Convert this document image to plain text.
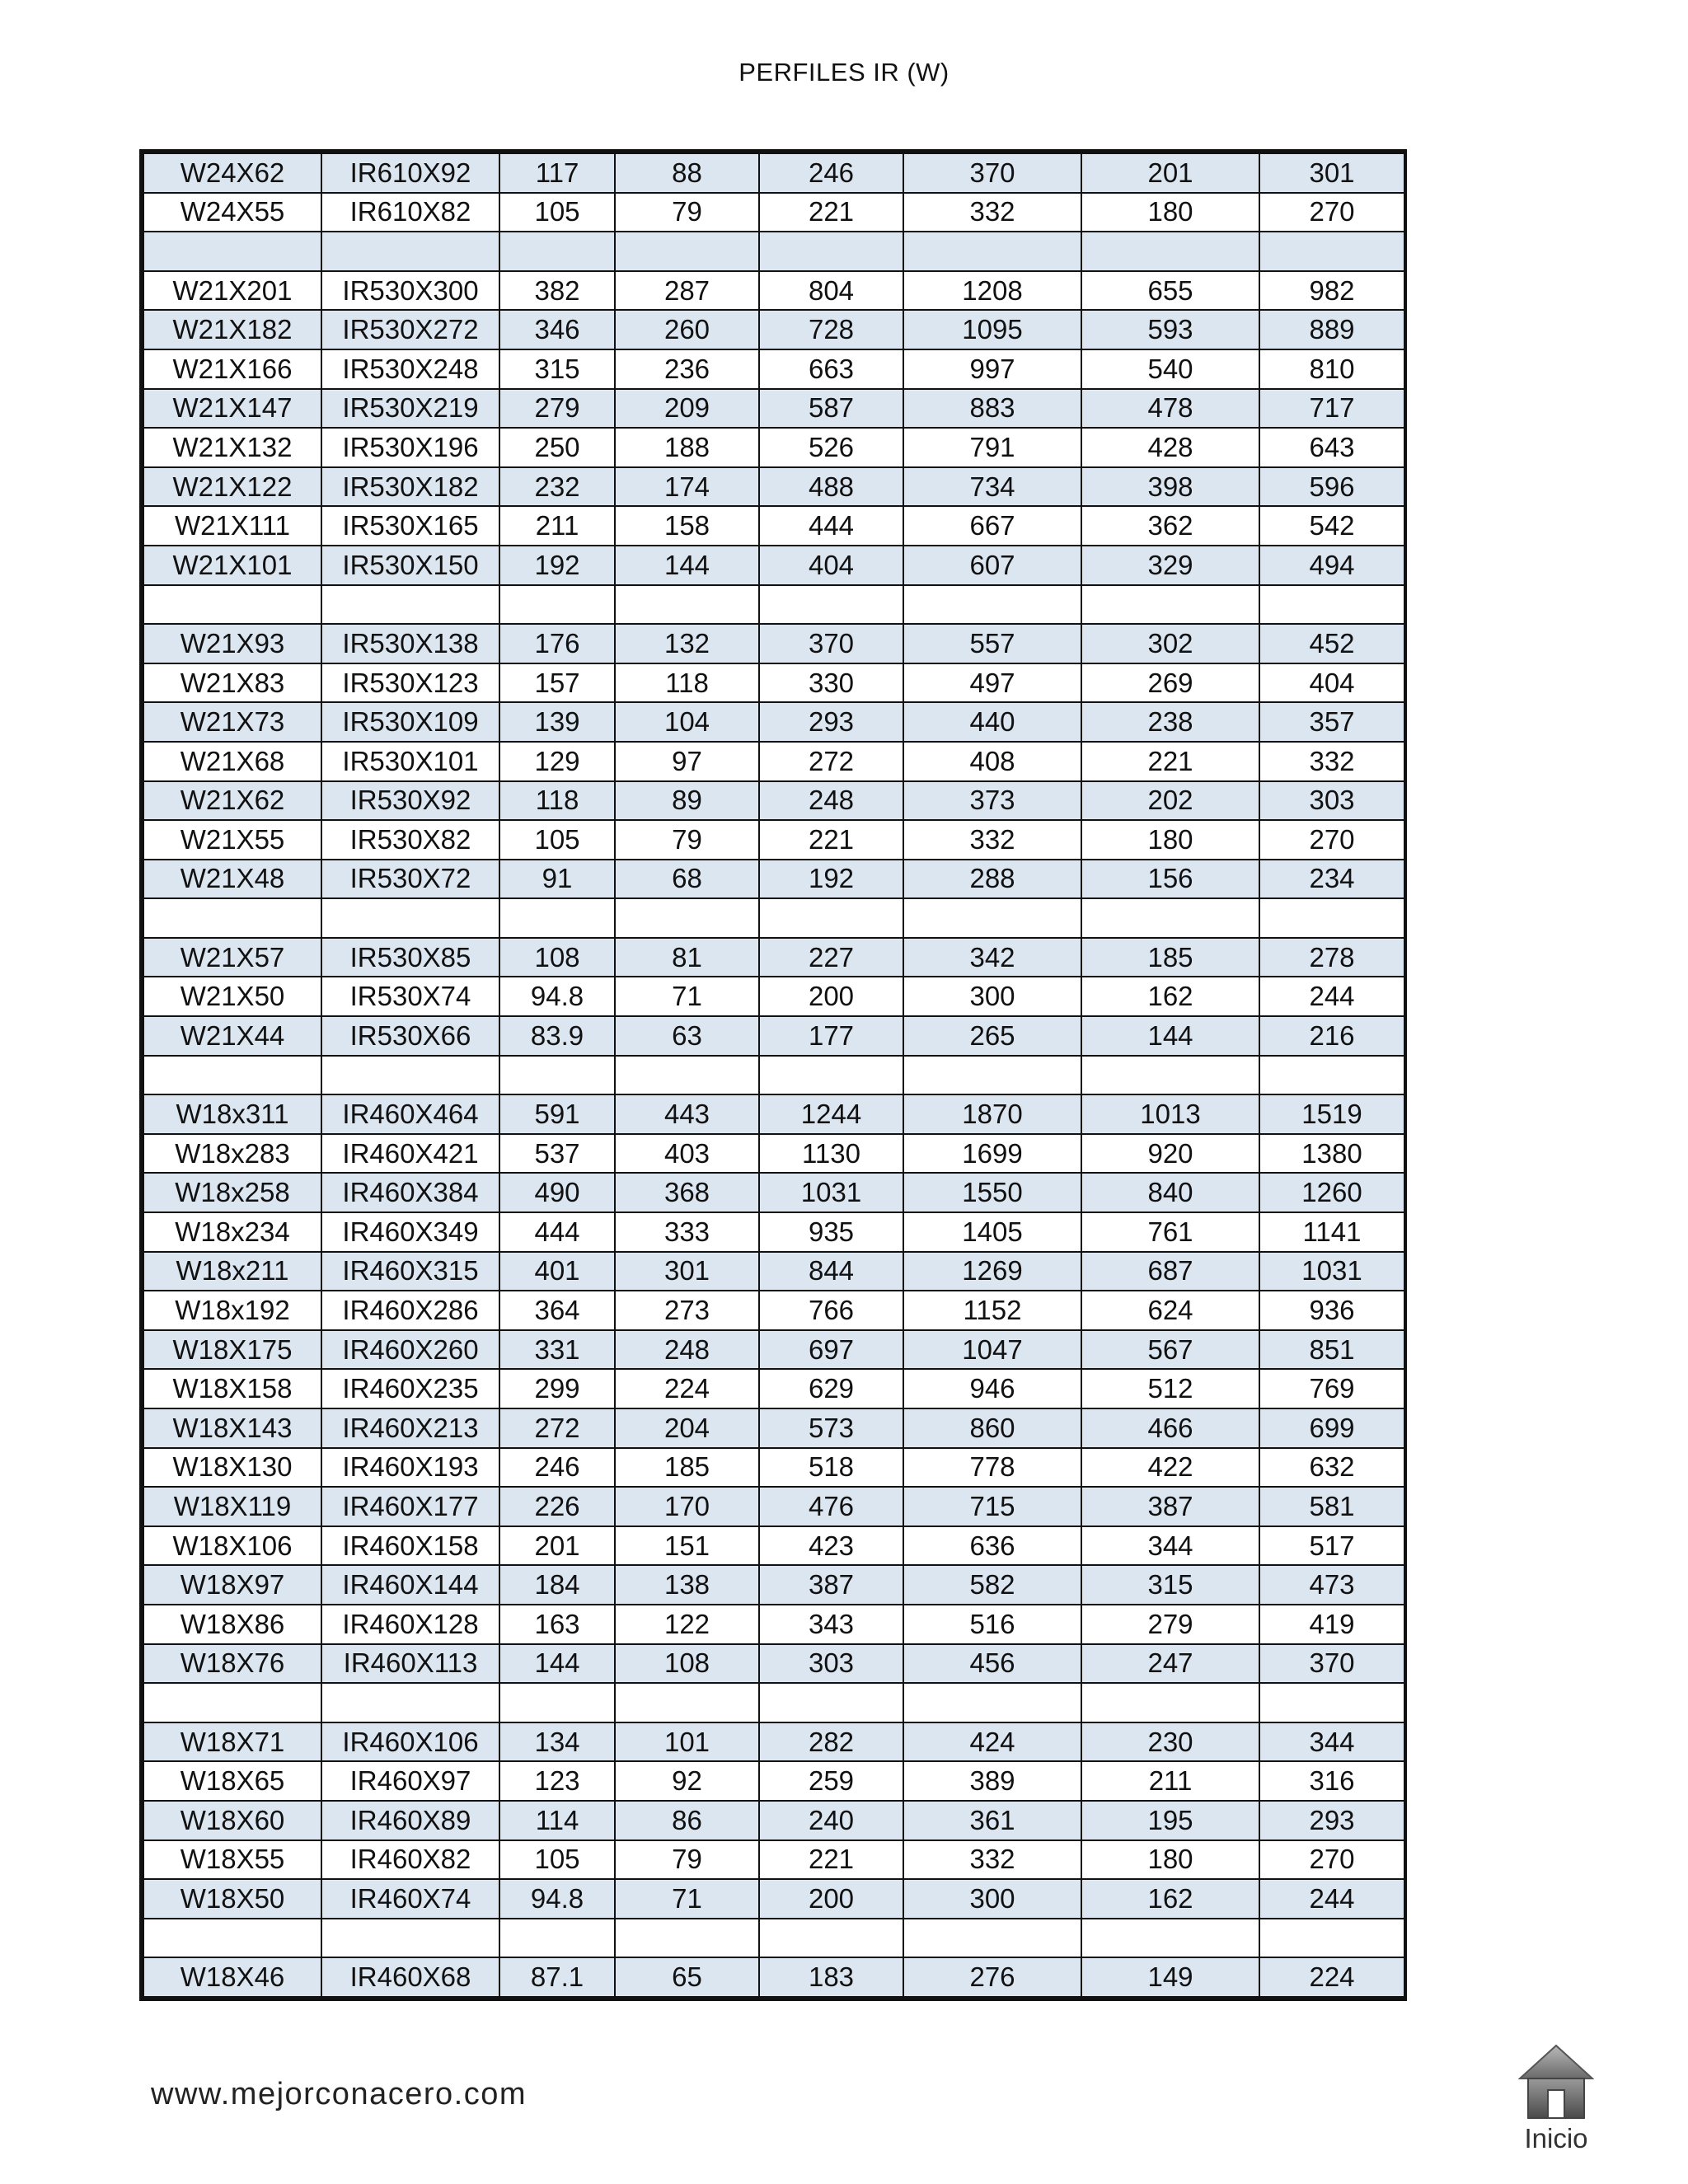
PERFILES IR (W)
W24X62	IR610X92	117	88	246	370	201	301
W24X55	IR610X82	105	79	221	332	180	270

W21X201	IR530X300	382	287	804	1208	655	982
W21X182	IR530X272	346	260	728	1095	593	889
W21X166	IR530X248	315	236	663	997	540	810
W21X147	IR530X219	279	209	587	883	478	717
W21X132	IR530X196	250	188	526	791	428	643
W21X122	IR530X182	232	174	488	734	398	596
W21X111	IR530X165	211	158	444	667	362	542
W21X101	IR530X150	192	144	404	607	329	494

W21X93	IR530X138	176	132	370	557	302	452
W21X83	IR530X123	157	118	330	497	269	404
W21X73	IR530X109	139	104	293	440	238	357
W21X68	IR530X101	129	97	272	408	221	332
W21X62	IR530X92	118	89	248	373	202	303
W21X55	IR530X82	105	79	221	332	180	270
W21X48	IR530X72	91	68	192	288	156	234

W21X57	IR530X85	108	81	227	342	185	278
W21X50	IR530X74	94.8	71	200	300	162	244
W21X44	IR530X66	83.9	63	177	265	144	216

W18x311	IR460X464	591	443	1244	1870	1013	1519
W18x283	IR460X421	537	403	1130	1699	920	1380
W18x258	IR460X384	490	368	1031	1550	840	1260
W18x234	IR460X349	444	333	935	1405	761	1141
W18x211	IR460X315	401	301	844	1269	687	1031
W18x192	IR460X286	364	273	766	1152	624	936
W18X175	IR460X260	331	248	697	1047	567	851
W18X158	IR460X235	299	224	629	946	512	769
W18X143	IR460X213	272	204	573	860	466	699
W18X130	IR460X193	246	185	518	778	422	632
W18X119	IR460X177	226	170	476	715	387	581
W18X106	IR460X158	201	151	423	636	344	517
W18X97	IR460X144	184	138	387	582	315	473
W18X86	IR460X128	163	122	343	516	279	419
W18X76	IR460X113	144	108	303	456	247	370

W18X71	IR460X106	134	101	282	424	230	344
W18X65	IR460X97	123	92	259	389	211	316
W18X60	IR460X89	114	86	240	361	195	293
W18X55	IR460X82	105	79	221	332	180	270
W18X50	IR460X74	94.8	71	200	300	162	244

W18X46	IR460X68	87.1	65	183	276	149	224
www.mejorconacero.com
Inicio
